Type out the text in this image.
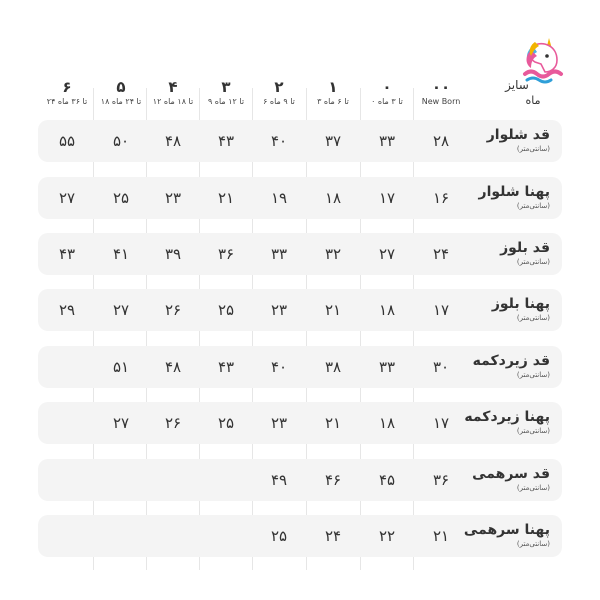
سایز
ماه
۰۰
New Born
۰
۰ تا ۳ ماه
۱
۳ تا ۶ ماه
۲
۶ تا ۹ ماه
۳
۹ تا ۱۲ ماه
۴
۱۲ تا ۱۸ ماه
۵
۱۸ تا ۲۴ ماه
۶
۲۴ تا ۳۶ ماه
قد شلوار
(سانتی‌متر)
۲۸
۳۳
۳۷
۴۰
۴۳
۴۸
۵۰
۵۵
پهنا شلوار
(سانتی‌متر)
۱۶
۱۷
۱۸
۱۹
۲۱
۲۳
۲۵
۲۷
قد بلوز
(سانتی‌متر)
۲۴
۲۷
۳۲
۳۳
۳۶
۳۹
۴۱
۴۳
پهنا بلوز
(سانتی‌متر)
۱۷
۱۸
۲۱
۲۳
۲۵
۲۶
۲۷
۲۹
قد زیردکمه
(سانتی‌متر)
۳۰
۳۳
۳۸
۴۰
۴۳
۴۸
۵۱
پهنا زیردکمه
(سانتی‌متر)
۱۷
۱۸
۲۱
۲۳
۲۵
۲۶
۲۷
قد سرهمی
(سانتی‌متر)
۳۶
۴۵
۴۶
۴۹
پهنا سرهمی
(سانتی‌متر)
۲۱
۲۲
۲۴
۲۵
